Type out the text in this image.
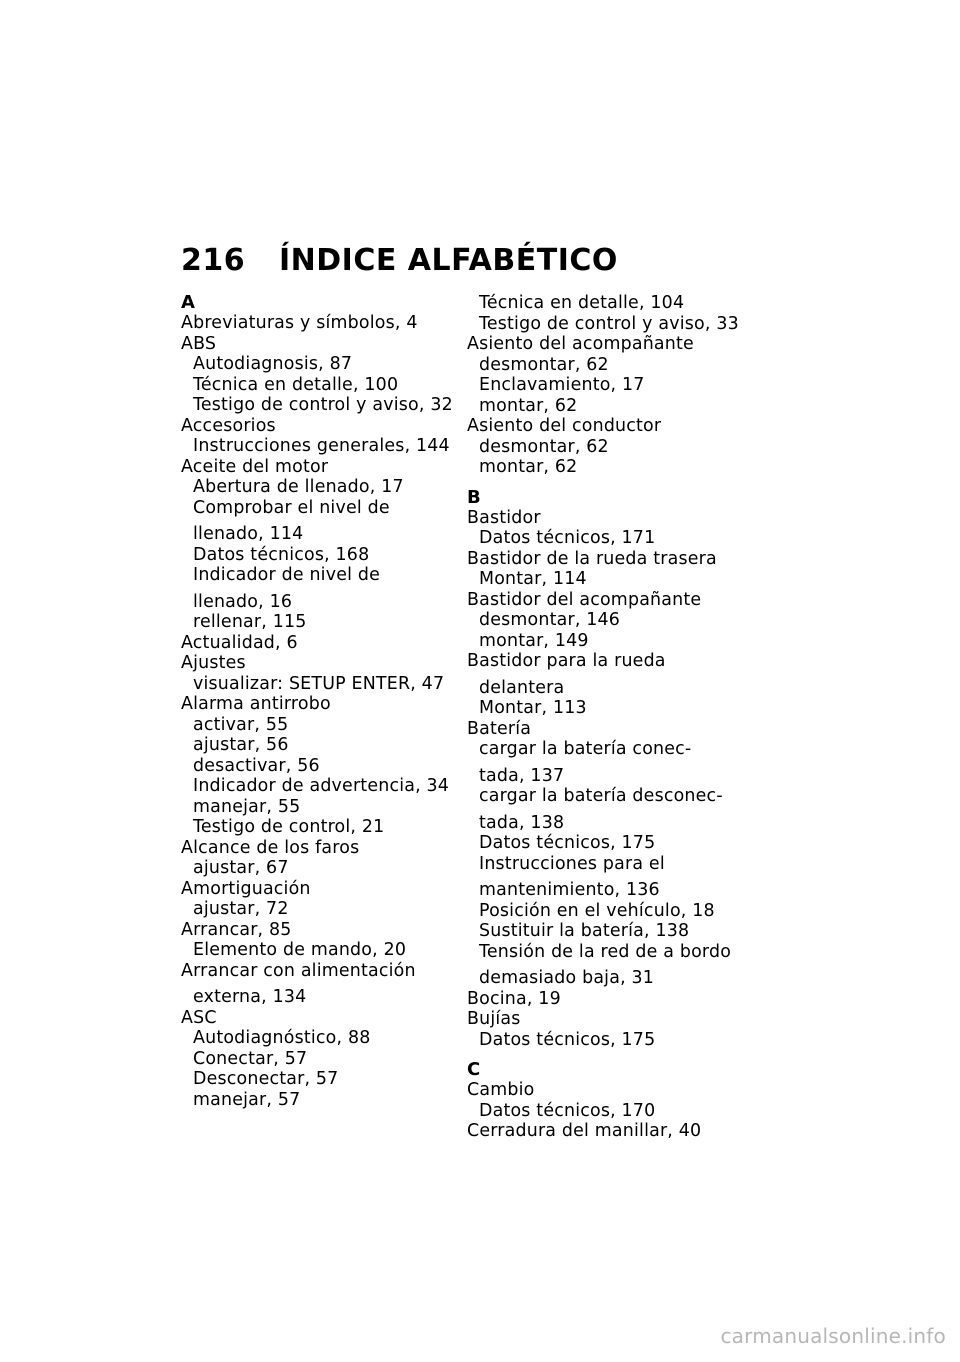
216 ÍNDICE ALFABÉTICO

A

Abreviaturas y símbolos, 4

ABS

Autodiagnosis, 87

Técnica en detalle, 100

Testigo de control y aviso, 32

Accesorios

Instrucciones generales, 144

Aceite del motor

Abertura de llenado, 17

Comprobar el nivel de

llenado, 114

Datos técnicos, 168

Indicador de nivel de

llenado, 16

rellenar, 115

Actualidad, 6

Ajustes

visualizar: SETUP ENTER, 47

Alarma antirrobo

activar, 55

ajustar, 56

desactivar, 56

Indicador de advertencia, 34

manejar, 55

Testigo de control, 21

Alcance de los faros

ajustar, 67

Amortiguación

ajustar, 72

Arrancar, 85

Elemento de mando, 20

Arrancar con alimentación

externa, 134

ASC

Autodiagnóstico, 88

Conectar, 57

Desconectar, 57

manejar, 57

Técnica en detalle, 104

Testigo de control y aviso, 33

Asiento del acompañante

desmontar, 62

Enclavamiento, 17

montar, 62

Asiento del conductor

desmontar, 62

montar, 62

B

Bastidor

Datos técnicos, 171

Bastidor de la rueda trasera

Montar, 114

Bastidor del acompañante

desmontar, 146

montar, 149

Bastidor para la rueda

delantera

Montar, 113

Batería

cargar la batería conec-

tada, 137

cargar la batería desconec-

tada, 138

Datos técnicos, 175

Instrucciones para el

mantenimiento, 136

Posición en el vehículo, 18

Sustituir la batería, 138

Tensión de la red de a bordo

demasiado baja, 31

Bocina, 19

Bujías

Datos técnicos, 175

C

Cambio

Datos técnicos, 170

Cerradura del manillar, 40

carmanualsonline.info
